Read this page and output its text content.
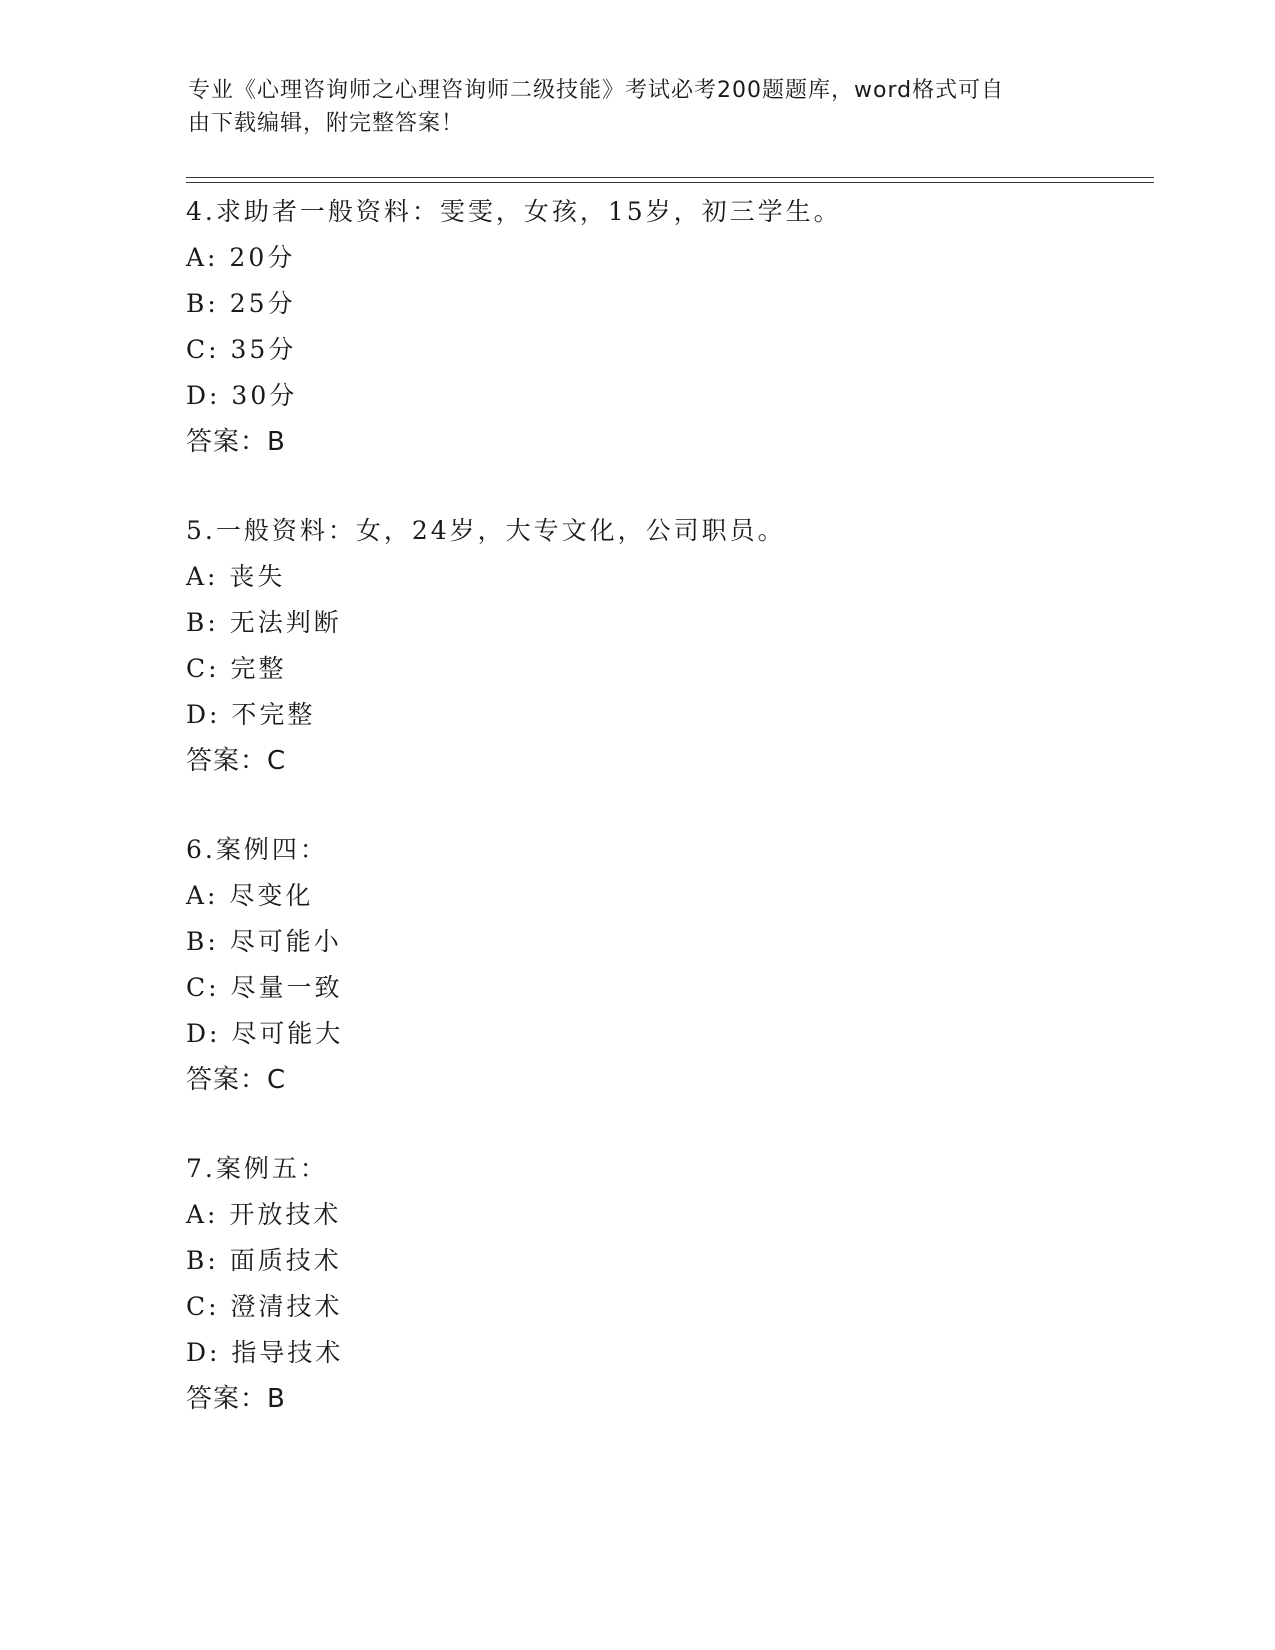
专业《心理咨询师之心理咨询师二级技能》考试必考200题题库，word格式可自
由下载编辑，附完整答案！
4.求助者一般资料：雯雯，女孩，15岁，初三学生。
A: 20分
B: 25分
C: 35分
D: 30分
答案：B
5.一般资料：女，24岁，大专文化，公司职员。
A: 丧失
B: 无法判断
C: 完整
D: 不完整
答案：C
6.案例四：
A: 尽变化
B: 尽可能小
C: 尽量一致
D: 尽可能大
答案：C
7.案例五：
A: 开放技术
B: 面质技术
C: 澄清技术
D: 指导技术
答案：B
